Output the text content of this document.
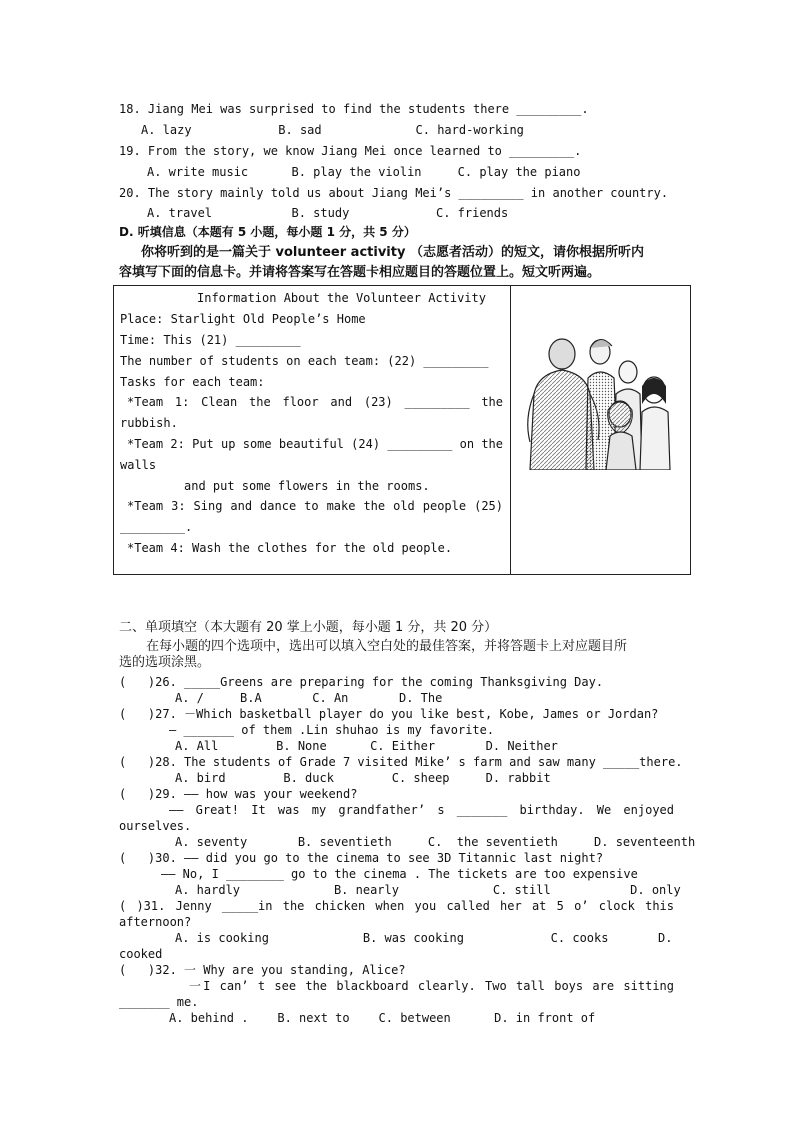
18. Jiang Mei was surprised to find the students there _________.
A. lazy            B. sad             C. hard-working
19. From the story, we know Jiang Mei once learned to _________.
A. write music      B. play the violin     C. play the piano
20. The story mainly told us about Jiang Mei’s _________ in another country.
A. travel           B. study            C. friends
D. 听填信息（本题有 5 小题，每小题 1 分，共 5 分）
你将听到的是一篇关于 volunteer activity （志愿者活动）的短文，请你根据所听内
容填写下面的信息卡。并请将答案写在答题卡相应题目的答题位置上。短文听两遍。
Information About the Volunteer Activity
Place: Starlight Old People’s Home
Time: This (21) _________
The number of students on each team: (22) _________
Tasks for each team:
*Team 1: Clean the floor and (23) _________ the
rubbish.
*Team 2: Put up some beautiful (24) _________ on the
walls
and put some flowers in the rooms.
*Team 3: Sing and dance to make the old people (25)
_________.
*Team 4: Wash the clothes for the old people.
二、单项填空（本大题有 20 掌上小题，每小题 1 分，共 20 分）
在每小题的四个选项中，选出可以填入空白处的最佳答案，并将答题卡上对应题目所
选的选项涂黑。
(   )26. _____Greens are preparing for the coming Thanksgiving Day.
A. /     B.A       C. An       D. The
(   )27. －Which basketball player do you like best, Kobe, James or Jordan?
— _______ of them .Lin shuhao is my favorite.
A. All        B. None      C. Either       D. Neither
(   )28. The students of Grade 7 visited Mike’ s farm and saw many _____there.
A. bird        B. duck        C. sheep     D. rabbit
(   )29. —— how was your weekend?
—— Great! It was my grandfather’ s _______ birthday. We enjoyed
ourselves.
A. seventy       B. seventieth     C.  the seventieth     D. seventeenth
(   )30. —— did you go to the cinema to see 3D Titannic last night?
—— No, I ________ go to the cinema . The tickets are too expensive
A. hardly             B. nearly             C. still           D. only
( )31. Jenny _____in the chicken when you called her at 5 o’ clock this
afternoon?
A. is cooking             B. was cooking            C. cooks	D.
cooked
(   )32. 一 Why are you standing, Alice?
一I can’ t see the blackboard clearly. Two tall boys are sitting
_______ me.
A. behind .    B. next to    C. between      D. in front of
